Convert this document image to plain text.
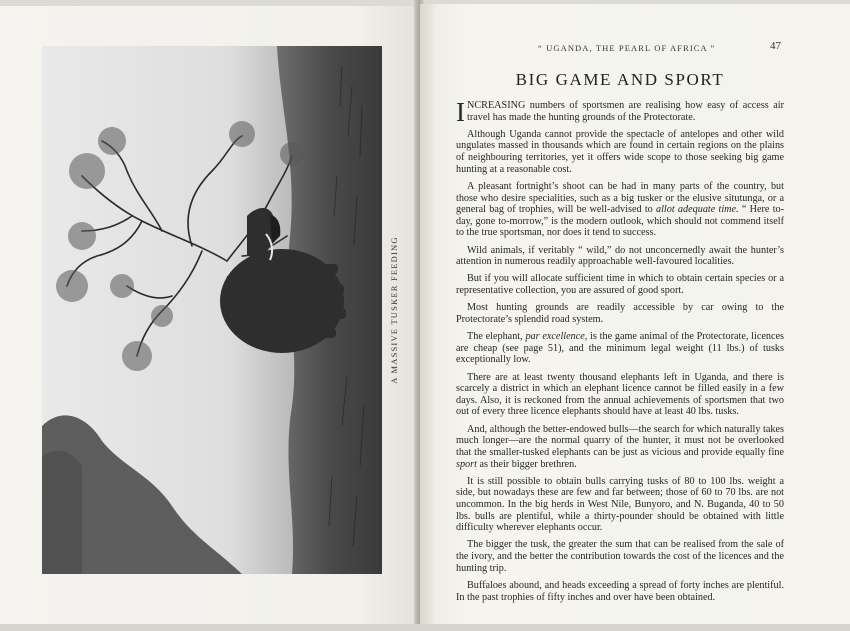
A MASSIVE TUSKER FEEDING
“ UGANDA, THE PEARL OF AFRICA ”	47
BIG GAME AND SPORT

INCREASING numbers of sportsmen are realising how easy of access air travel has made the hunting grounds of the Protectorate.

Although Uganda cannot provide the spectacle of antelopes and other wild ungulates massed in thousands which are found in certain regions on the plains of neighbouring territories, yet it offers wide scope to those seeking big game hunting at a reasonable cost.

A pleasant fortnight’s shoot can be had in many parts of the country, but those who desire specialities, such as a big tusker or the elusive situtunga, or a general bag of trophies, will be well-advised to allot adequate time. “ Here to-day, gone to-morrow,” is the modern outlook, which should not commend itself to the true sportsman, nor does it tend to success.

Wild animals, if veritably “ wild,” do not unconcernedly await the hunter’s attention in numerous readily approachable well-favoured localities.

But if you will allocate sufficient time in which to obtain certain species or a representative collection, you are assured of good sport.

Most hunting grounds are readily accessible by car owing to the Protectorate’s splendid road system.

The elephant, par excellence, is the game animal of the Protectorate, licences are cheap (see page 51), and the minimum legal weight (11 lbs.) of tusks exceptionally low.

There are at least twenty thousand elephants left in Uganda, and there is scarcely a district in which an elephant licence cannot be filled easily in a few days. Also, it is reckoned from the annual achievements of sportsmen that two out of every three licence elephants should have at least 40 lbs. tusks.

And, although the better-endowed bulls—the search for which naturally takes much longer—are the normal quarry of the hunter, it must not be overlooked that the smaller-tusked elephants can be just as vicious and provide equally fine sport as their bigger brethren.

It is still possible to obtain bulls carrying tusks of 80 to 100 lbs. weight a side, but nowadays these are few and far between; those of 60 to 70 lbs. are not uncommon. In the big herds in West Nile, Bunyoro, and N. Buganda, 40 to 50 lbs. bulls are plentiful, while a thirty-pounder should be obtained with little difficulty wherever elephants occur.

The bigger the tusk, the greater the sum that can be realised from the sale of the ivory, and the better the contribution towards the cost of the licences and the hunting trip.

Buffaloes abound, and heads exceeding a spread of forty inches are plentiful. In the past trophies of fifty inches and over have been obtained.
